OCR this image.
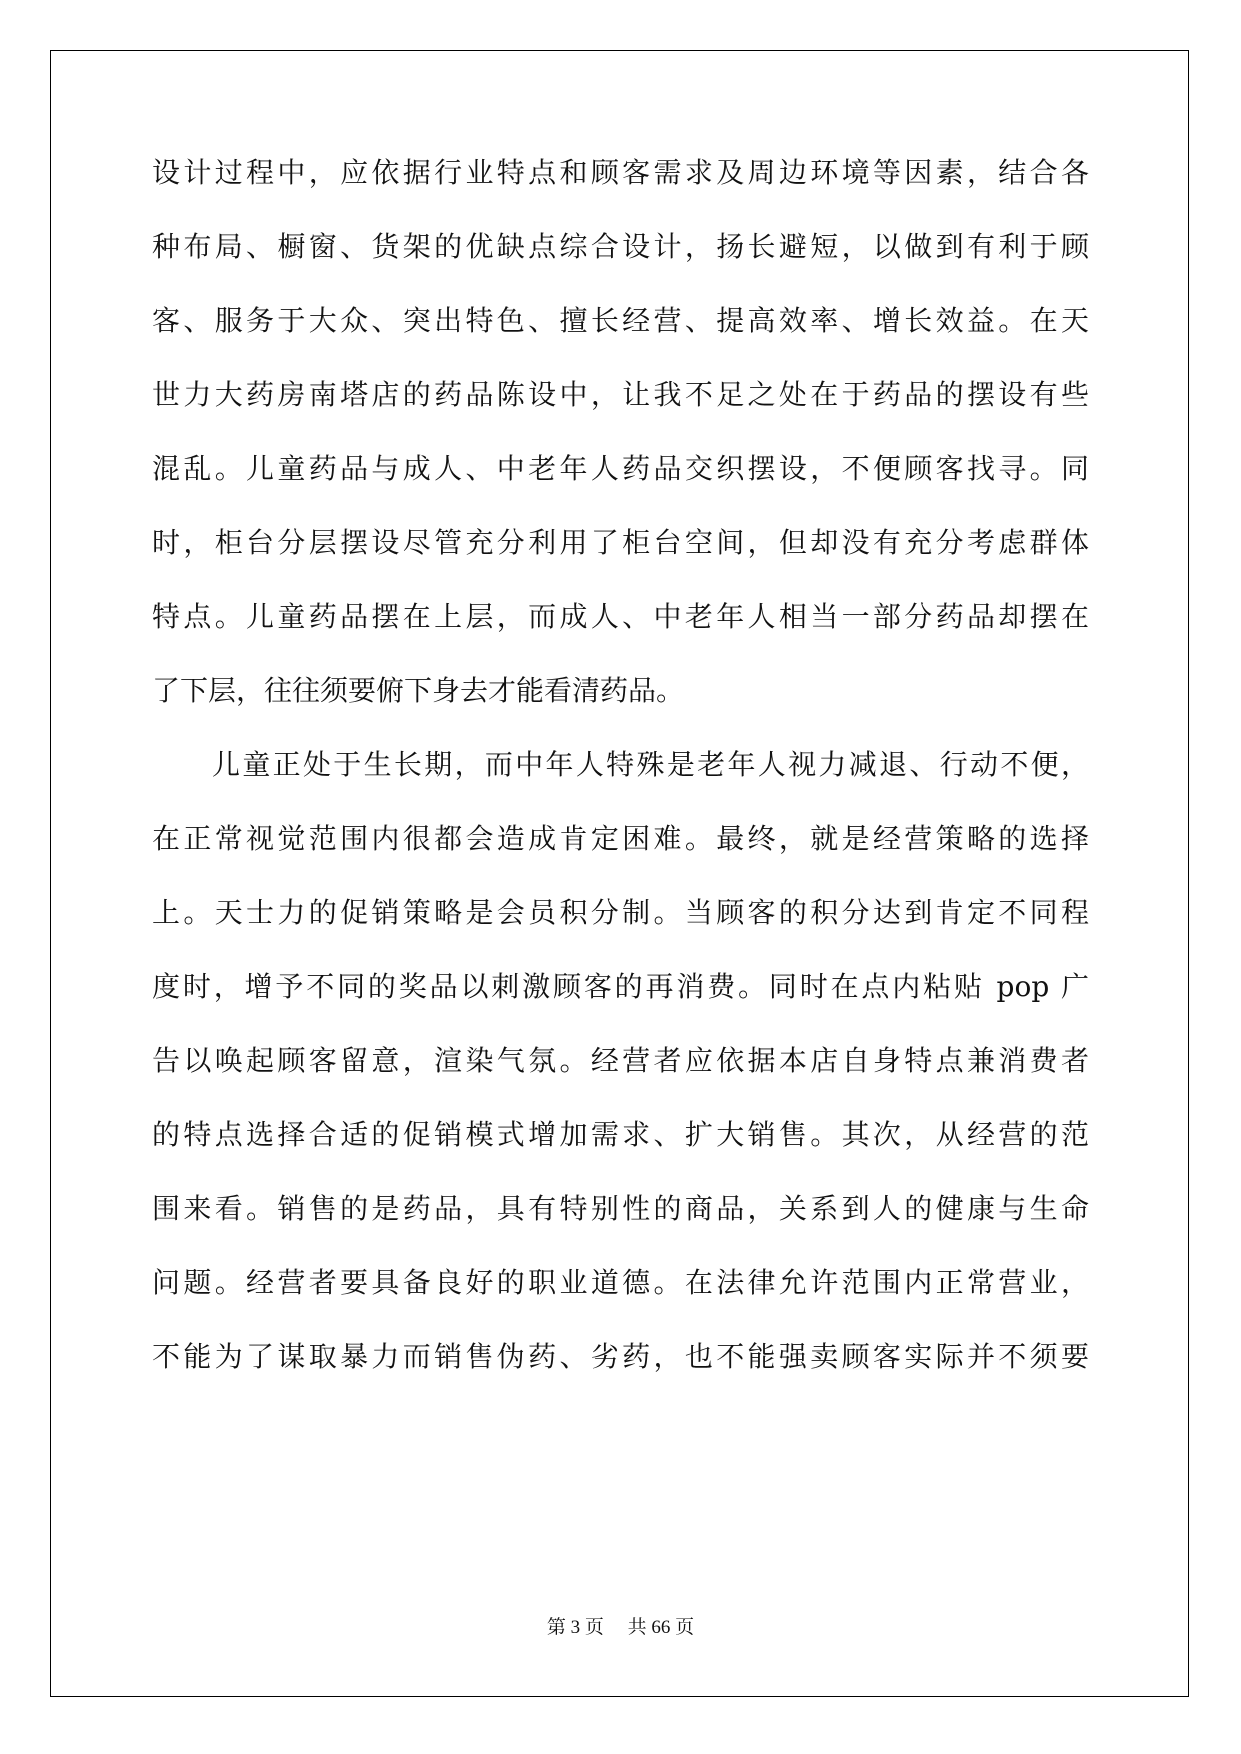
设计过程中，应依据行业特点和顾客需求及周边环境等因素，结合各
种布局、橱窗、货架的优缺点综合设计，扬长避短，以做到有利于顾
客、服务于大众、突出特色、擅长经营、提高效率、增长效益。在天
世力大药房南塔店的药品陈设中，让我不足之处在于药品的摆设有些
混乱。儿童药品与成人、中老年人药品交织摆设，不便顾客找寻。同
时，柜台分层摆设尽管充分利用了柜台空间，但却没有充分考虑群体
特点。儿童药品摆在上层，而成人、中老年人相当一部分药品却摆在
了下层，往往须要俯下身去才能看清药品。
儿童正处于生长期，而中年人特殊是老年人视力减退、行动不便，
在正常视觉范围内很都会造成肯定困难。最终，就是经营策略的选择
上。天士力的促销策略是会员积分制。当顾客的积分达到肯定不同程
度时，增予不同的奖品以刺激顾客的再消费。同时在点内粘贴 pop 广
告以唤起顾客留意，渲染气氛。经营者应依据本店自身特点兼消费者
的特点选择合适的促销模式增加需求、扩大销售。其次，从经营的范
围来看。销售的是药品，具有特别性的商品，关系到人的健康与生命
问题。经营者要具备良好的职业道德。在法律允许范围内正常营业，
不能为了谋取暴力而销售伪药、劣药，也不能强卖顾客实际并不须要
第 3 页 共 66 页
